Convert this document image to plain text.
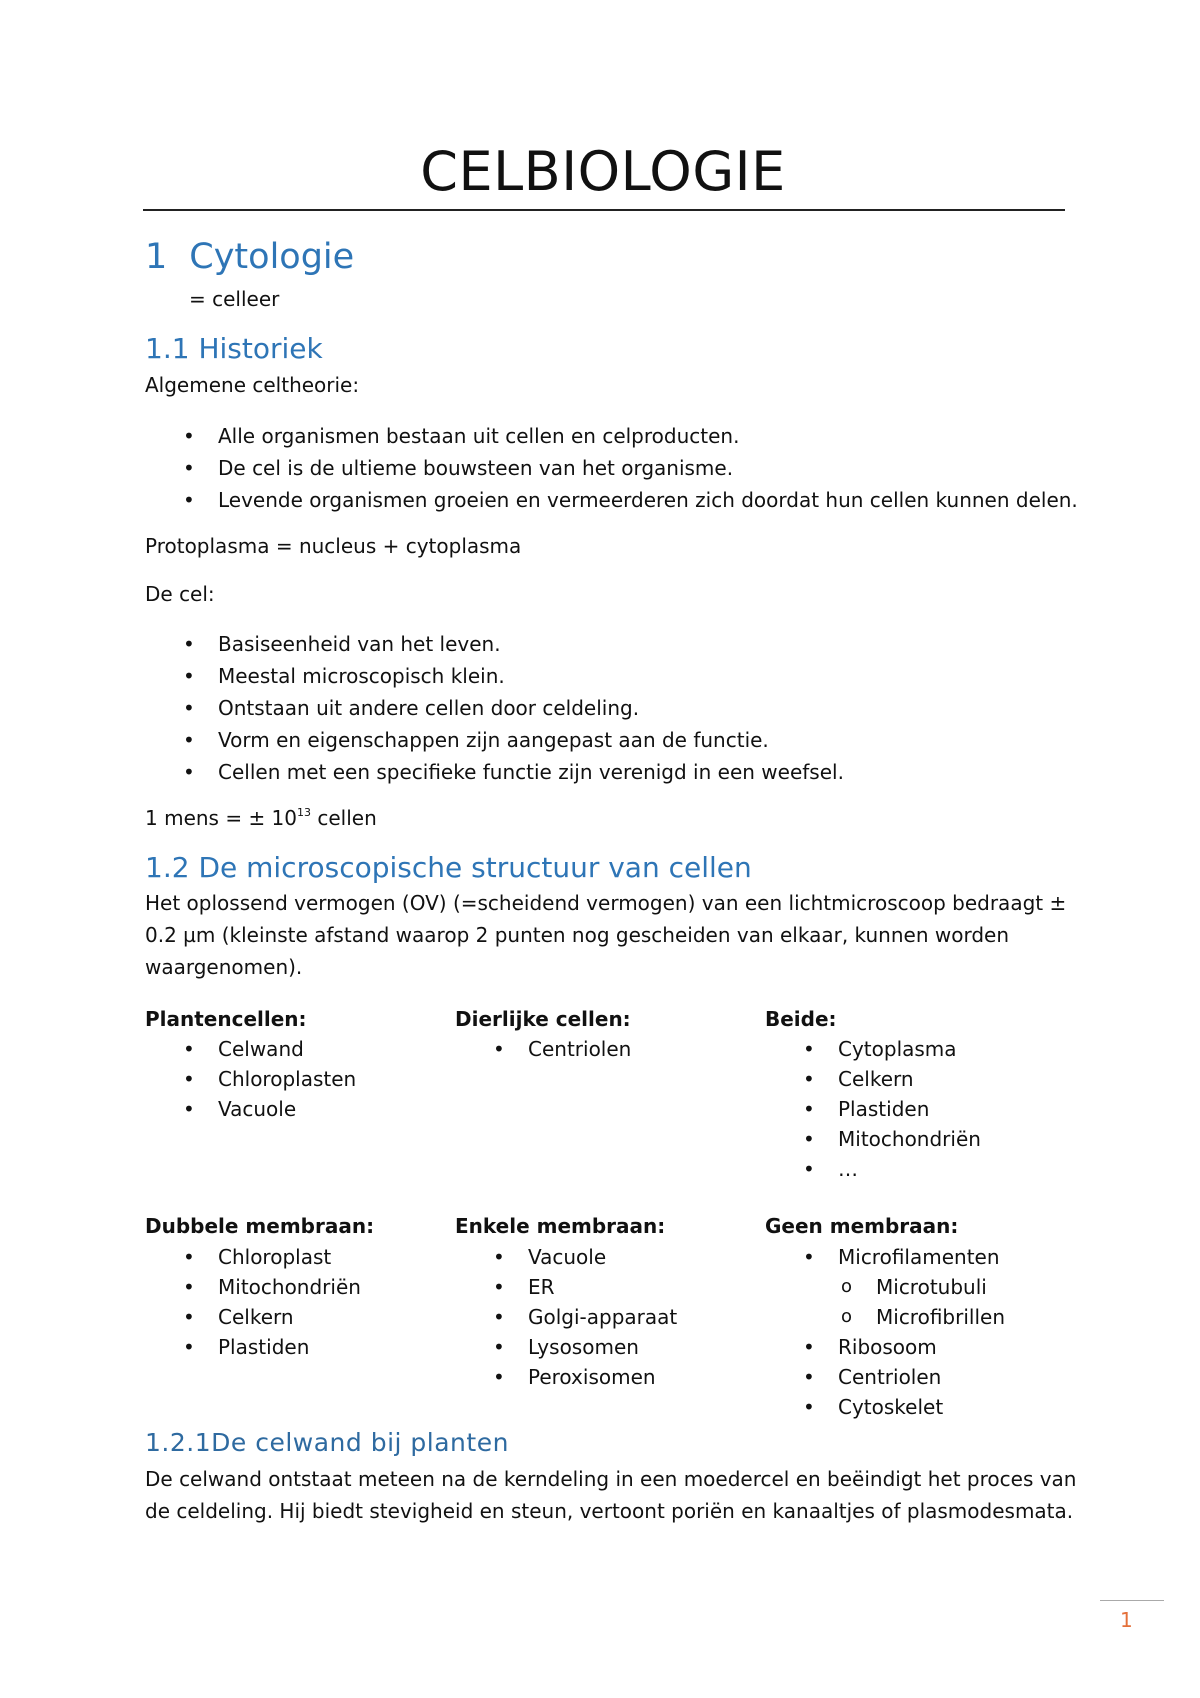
CELBIOLOGIE
1 Cytologie
= celleer
1.1 Historiek
Algemene celtheorie:
• Alle organismen bestaan uit cellen en celproducten.
• De cel is de ultieme bouwsteen van het organisme.
• Levende organismen groeien en vermeerderen zich doordat hun cellen kunnen delen.
Protoplasma = nucleus + cytoplasma
De cel:
• Basiseenheid van het leven.
• Meestal microscopisch klein.
• Ontstaan uit andere cellen door celdeling.
• Vorm en eigenschappen zijn aangepast aan de functie.
• Cellen met een specifieke functie zijn verenigd in een weefsel.
1 mens = ± $10^{13}$ cellen
1.2 De microscopische structuur van cellen
Het oplossend vermogen (OV) (=scheidend vermogen) van een lichtmicroscoop bedraagt ±
0.2 µm (kleinste afstand waarop 2 punten nog gescheiden van elkaar, kunnen worden
waargenomen).
Plantencellen:
• Celwand
• Chloroplasten
• Vacuole
Dierlijke cellen:
• Centriolen
Beide:
• Cytoplasma
• Celkern
• Plastiden
• Mitochondriën
• …
Dubbele membraan:
• Chloroplast
• Mitochondriën
• Celkern
• Plastiden
Enkele membraan:
• Vacuole
• ER
• Golgi-apparaat
• Lysosomen
• Peroxisomen
Geen membraan:
• Microfilamenten
o Microtubuli
o Microfibrillen
• Ribosoom
• Centriolen
• Cytoskelet
1.2.1De celwand bij planten
De celwand ontstaat meteen na de kerndeling in een moedercel en beëindigt het proces van
de celdeling. Hij biedt stevigheid en steun, vertoont poriën en kanaaltjes of plasmodesmata.
1
